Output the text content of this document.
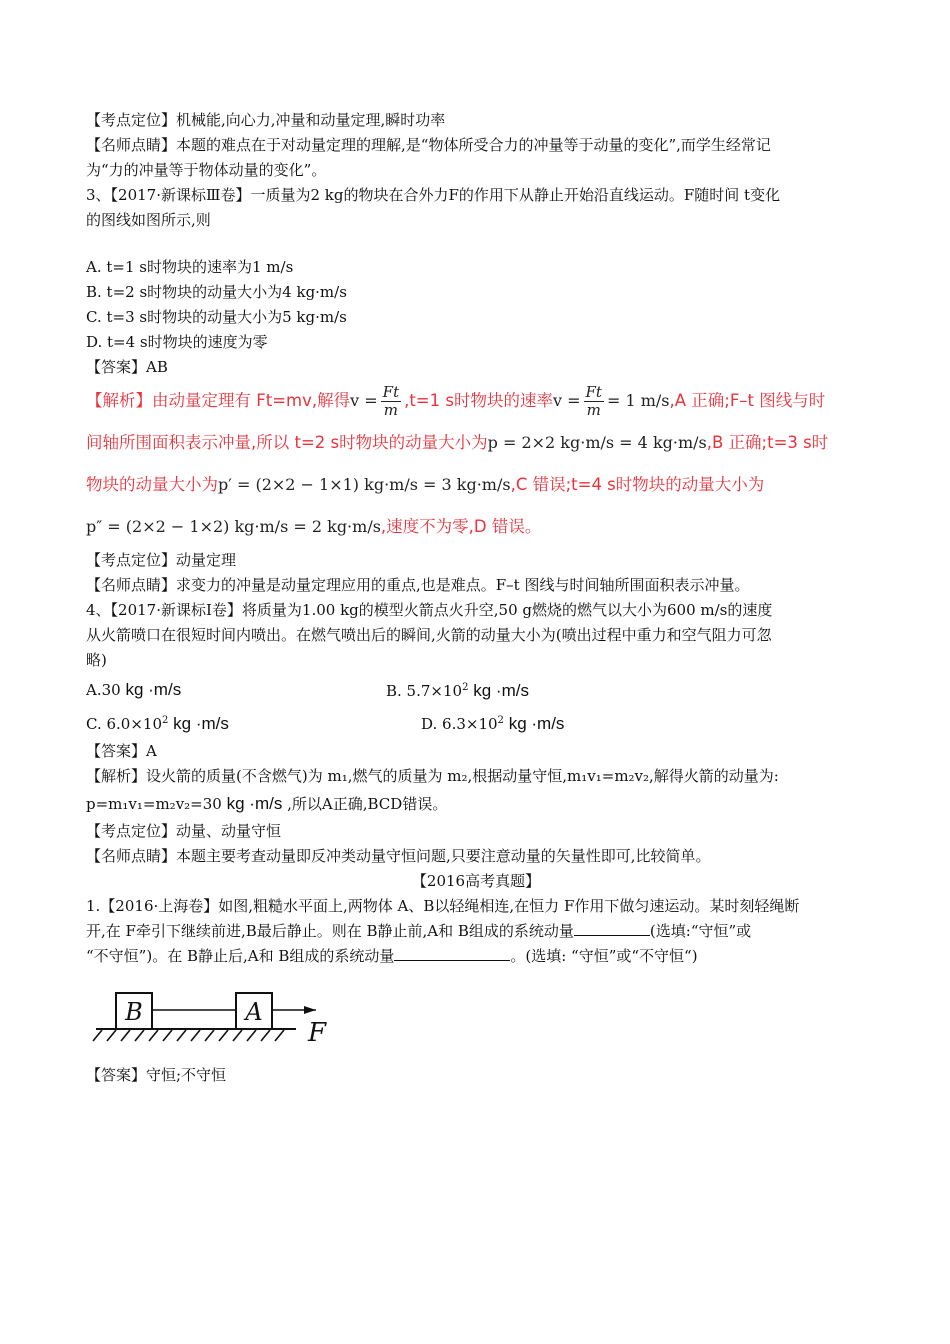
【考点定位】机械能,向心力,冲量和动量定理,瞬时功率
【名师点睛】本题的难点在于对动量定理的理解,是“物体所受合力的冲量等于动量的变化”,而学生经常记
为“力的冲量等于物体动量的变化”。
3、【2017·新课标Ⅲ卷】一质量为2 kg的物块在合外力F的作用下从静止开始沿直线运动。F随时间 t变化
的图线如图所示,则
A. t=1 s时物块的速率为1 m/s
B. t=2 s时物块的动量大小为4 kg·m/s
C. t=3 s时物块的动量大小为5 kg·m/s
D. t=4 s时物块的速度为零
【答案】AB
【解析】由动量定理有 Ft=mv,解得 $v = \frac{Ft}{m} ,t=1$ s时物块的速率 $v = \frac{Ft}{m} = 1$ m/s ,A 正确;F–t 图线与时
间轴所围面积表示冲量,所以 t=2 s时物块的动量大小为 p = 2×2 kg·m/s = 4 kg·m/s ,B 正确;t=3 s时
物块的动量大小为 p′ = (2×2 − 1×1) kg·m/s = 3 kg·m/s ,C 错误;t=4 s时物块的动量大小为
p″ = (2×2 − 1×2) kg·m/s = 2 kg·m/s ,速度不为零,D 错误。
【考点定位】动量定理
【名师点睛】求变力的冲量是动量定理应用的重点,也是难点。F–t 图线与时间轴所围面积表示冲量。
4、【2017·新课标Ⅰ卷】将质量为1.00 kg的模型火箭点火升空,50 g燃烧的燃气以大小为600 m/s的速度
从火箭喷口在很短时间内喷出。在燃气喷出后的瞬间,火箭的动量大小为(喷出过程中重力和空气阻力可忽
略)
A.30 kg ·m/s	B. $5.7\times 10^2$ kg ·m/s
C. $6.0\times 10^2$ kg ·m/s	D. $6.3\times 10^2$ kg ·m/s
【答案】A
【解析】设火箭的质量(不含燃气)为 m₁,燃气的质量为 m₂,根据动量守恒,m₁v₁=m₂v₂,解得火箭的动量为:
p=m₁v₁=m₂v₂=30 kg ·m/s ,所以A正确,BCD错误。
【考点定位】动量、动量守恒
【名师点睛】本题主要考查动量即反冲类动量守恒问题,只要注意动量的矢量性即可,比较简单。
【2016高考真题】
1.【2016·上海卷】如图,粗糙水平面上,两物体 A、B以轻绳相连,在恒力 F作用下做匀速运动。某时刻轻绳断
开,在 F牵引下继续前进,B最后静止。则在 B静止前,A和 B组成的系统动量	(选填:“守恒”或
“不守恒”)。在 B静止后,A和 B组成的系统动量	。(选填: “守恒”或“不守恒“)
B	A
F
【答案】守恒;不守恒
